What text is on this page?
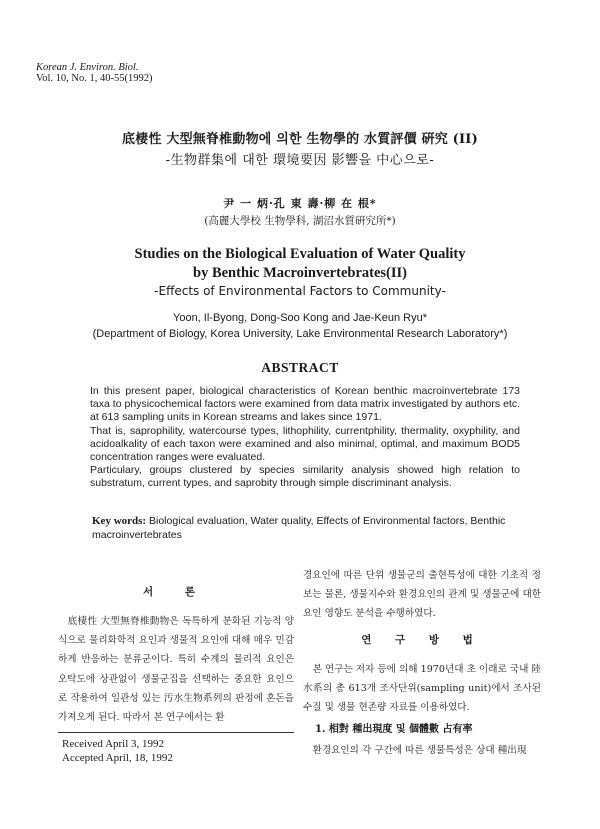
Korean J. Environ. Biol.
Vol. 10, No. 1, 40-55(1992)
底棲性 大型無脊椎動物에 의한 生物學的 水質評價 硏究 (II)
-生物群集에 대한 環境要因 影響을 中心으로-
尹 一 炳·孔 東 壽·柳 在 根*
(高麗大學校 生物學科, 湖沼水質硏究所*)
Studies on the Biological Evaluation of Water Quality
by Benthic Macroinvertebrates(II)
-Effects of Environmental Factors to Community-
Yoon, Il-Byong, Dong-Soo Kong and Jae-Keun Ryu*
(Department of Biology, Korea University, Lake Environmental Research Laboratory*)
ABSTRACT

In this present paper, biological characteristics of Korean benthic macroinvertebrate 173 taxa to physicochemical factors were examined from data matrix investigated by authors etc. at 613 sampling units in Korean streams and lakes since 1971.

That is, saprophility, watercourse types, lithophility, currentphility, thermality, oxyphility, and acidoalkality of each taxon were examined and also minimal, optimal, and maximum BOD5 concentration ranges were evaluated.

Particulary, groups clustered by species similarity analysis showed high relation to substratum, current types, and saprobity through simple discriminant analysis.

Key words: Biological evaluation, Water quality, Effects of Environmental factors, Benthic macroinvertebrates
서 론

底棲性 大型無脊椎動物은 독특하게 분화된 기능적 양식으로 물리화학적 요인과 생물적 요인에 대해 매우 민감하게 반응하는 분류군이다. 특히 수계의 물리적 요인은 오탁도에 상관없이 생물군집을 선택하는 중요한 요인으로 작용하여 일관성 있는 汚水生物系列의 판정에 혼돈을 가져오게 된다. 따라서 본 연구에서는 환

Received April 3, 1992
Accepted April, 18, 1992

경요인에 따른 단위 생물군의 출현특성에 대한 기초적 정보는 물론, 생물지수와 환경요인의 관계 및 생물군에 대한 요인 영향도 분석을 수행하였다.

연 구 방 법

본 연구는 저자 등에 의해 1970년대 초 이래로 국내 陸水系의 총 613개 조사단위(sampling unit)에서 조사된 수질 및 생물 현존량 자료를 이용하였다.

1. 相對 種出現度 및 個體數 占有率

환경요인의 각 구간에 따른 생물특성은 상대 種出現
